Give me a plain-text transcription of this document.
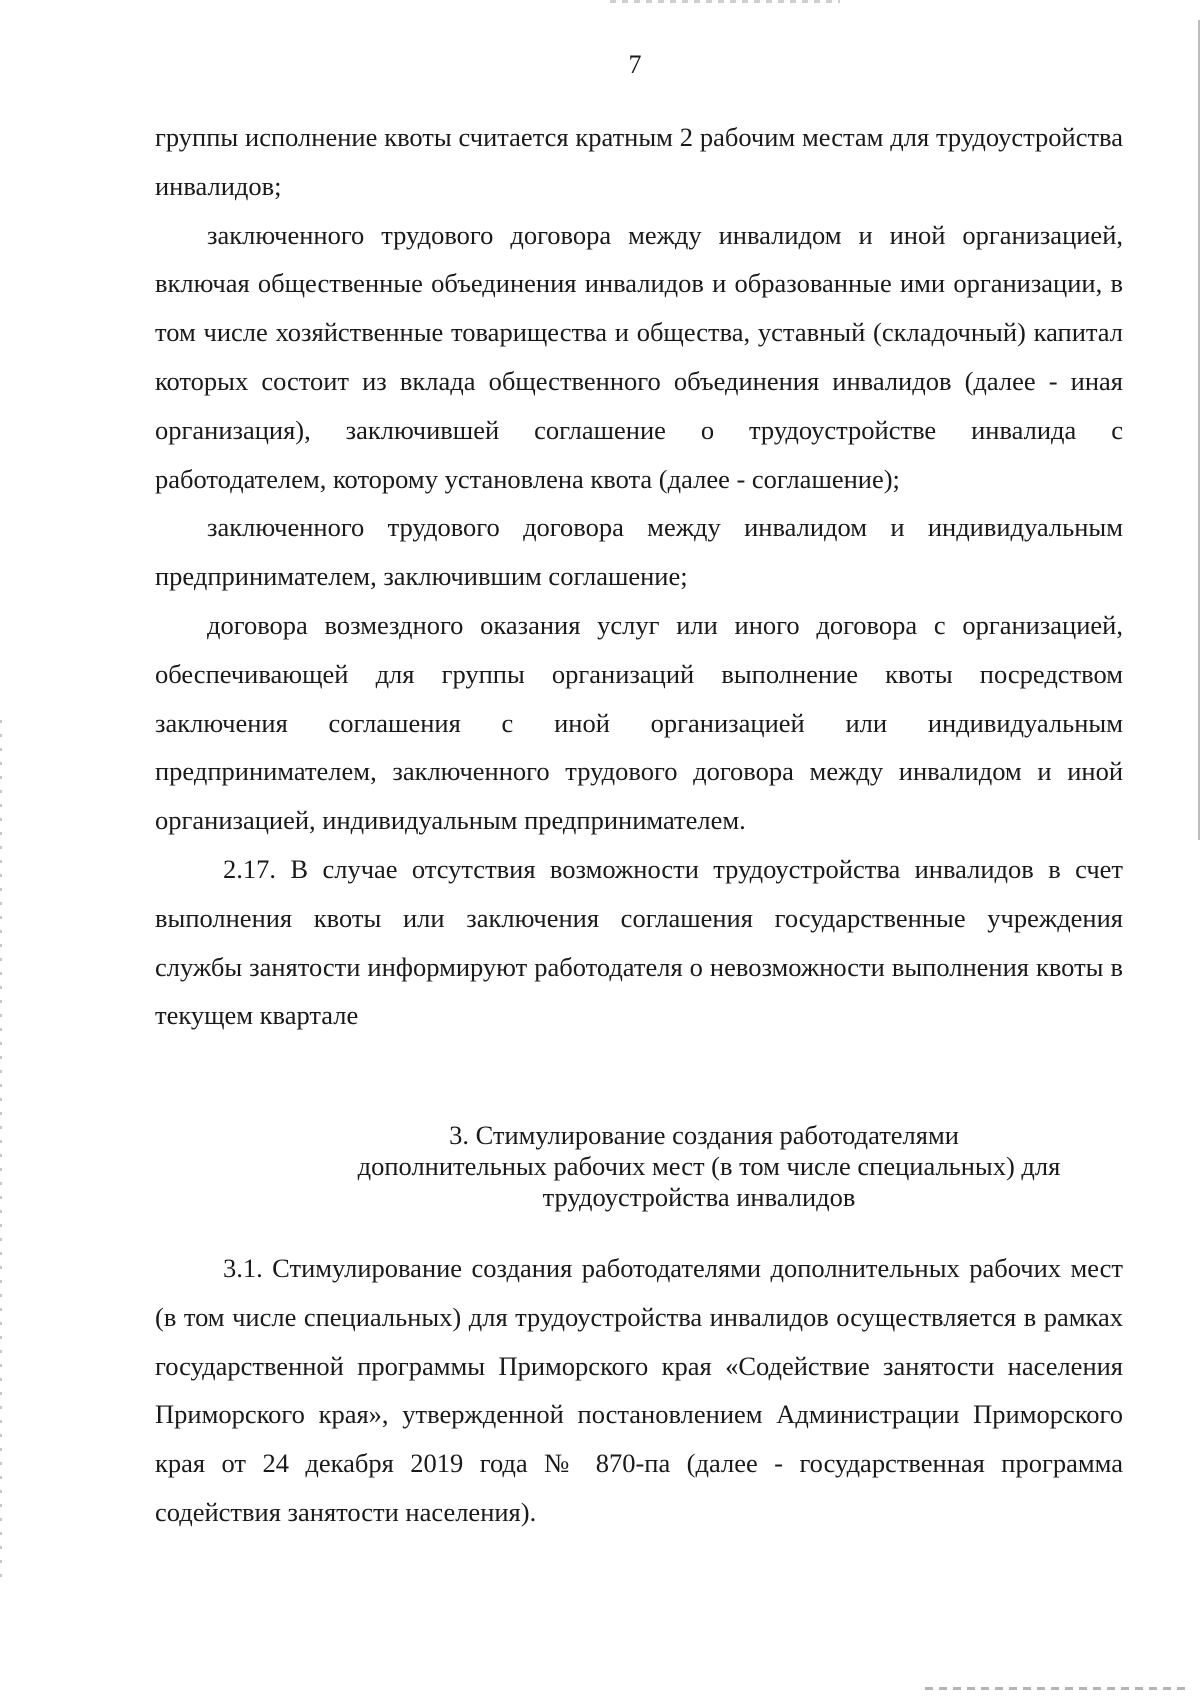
7

группы исполнение квоты считается кратным 2 рабочим местам для трудоустройства инвалидов;

заключенного трудового договора между инвалидом и иной организацией, включая общественные объединения инвалидов и образованные ими организации, в том числе хозяйственные товарищества и общества, уставный (складочный) капитал которых состоит из вклада общественного объединения инвалидов (далее - иная организация), заключившей соглашение о трудоустройстве инвалида с работодателем, которому установлена квота (далее - соглашение);

заключенного трудового договора между инвалидом и индивидуальным предпринимателем, заключившим соглашение;

договора возмездного оказания услуг или иного договора с организацией, обеспечивающей для группы организаций выполнение квоты посредством заключения соглашения с иной организацией или индивидуальным предпринимателем, заключенного трудового договора между инвалидом и иной организацией, индивидуальным предпринимателем.

2.17. В случае отсутствия возможности трудоустройства инвалидов в счет выполнения квоты или заключения соглашения государственные учреждения службы занятости информируют работодателя о невозможности выполнения квоты в текущем квартале

3. Стимулирование создания работодателями
дополнительных рабочих мест (в том числе специальных) для
трудоустройства инвалидов

3.1. Стимулирование создания работодателями дополнительных рабочих мест (в том числе специальных) для трудоустройства инвалидов осуществляется в рамках государственной программы Приморского края «Содействие занятости населения Приморского края», утвержденной постановлением Администрации Приморского края от 24 декабря 2019 года № 870-па (далее - государственная программа содействия занятости населения).
